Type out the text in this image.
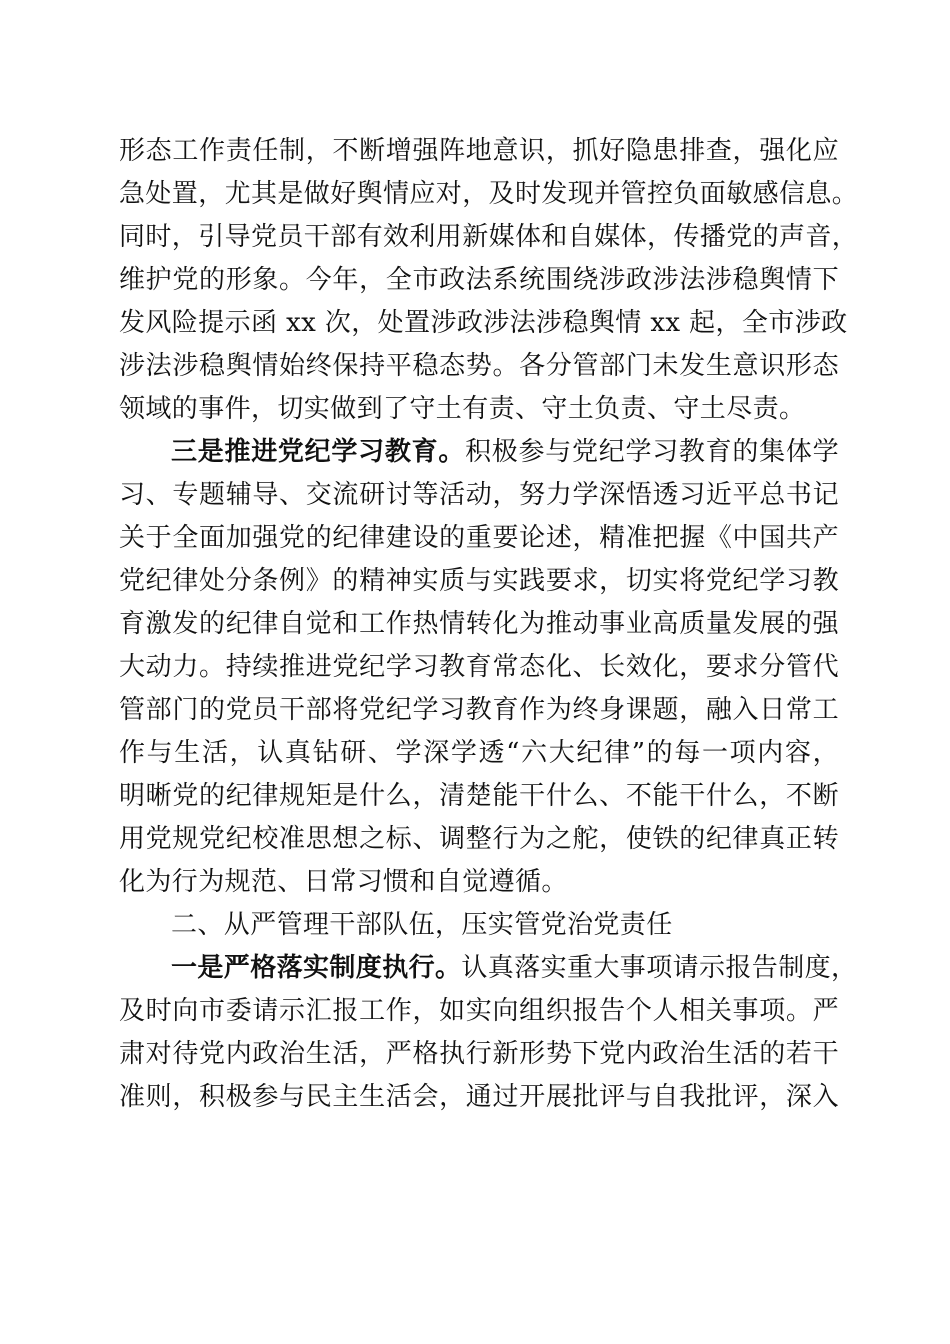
形态工作责任制，不断增强阵地意识，抓好隐患排查，强化应
急处置，尤其是做好舆情应对，及时发现并管控负面敏感信息。
同时，引导党员干部有效利用新媒体和自媒体，传播党的声音，
维护党的形象。今年，全市政法系统围绕涉政涉法涉稳舆情下
发风险提示函 xx 次，处置涉政涉法涉稳舆情 xx 起，全市涉政
涉法涉稳舆情始终保持平稳态势。各分管部门未发生意识形态
领域的事件，切实做到了守土有责、守土负责、守土尽责。
三是推进党纪学习教育。积极参与党纪学习教育的集体学
习、专题辅导、交流研讨等活动，努力学深悟透习近平总书记
关于全面加强党的纪律建设的重要论述，精准把握《中国共产
党纪律处分条例》的精神实质与实践要求，切实将党纪学习教
育激发的纪律自觉和工作热情转化为推动事业高质量发展的强
大动力。持续推进党纪学习教育常态化、长效化，要求分管代
管部门的党员干部将党纪学习教育作为终身课题，融入日常工
作与生活，认真钻研、学深学透“六大纪律”的每一项内容，
明晰党的纪律规矩是什么，清楚能干什么、不能干什么，不断
用党规党纪校准思想之标、调整行为之舵，使铁的纪律真正转
化为行为规范、日常习惯和自觉遵循。
二、从严管理干部队伍，压实管党治党责任
一是严格落实制度执行。认真落实重大事项请示报告制度，
及时向市委请示汇报工作，如实向组织报告个人相关事项。严
肃对待党内政治生活，严格执行新形势下党内政治生活的若干
准则，积极参与民主生活会，通过开展批评与自我批评，深入
